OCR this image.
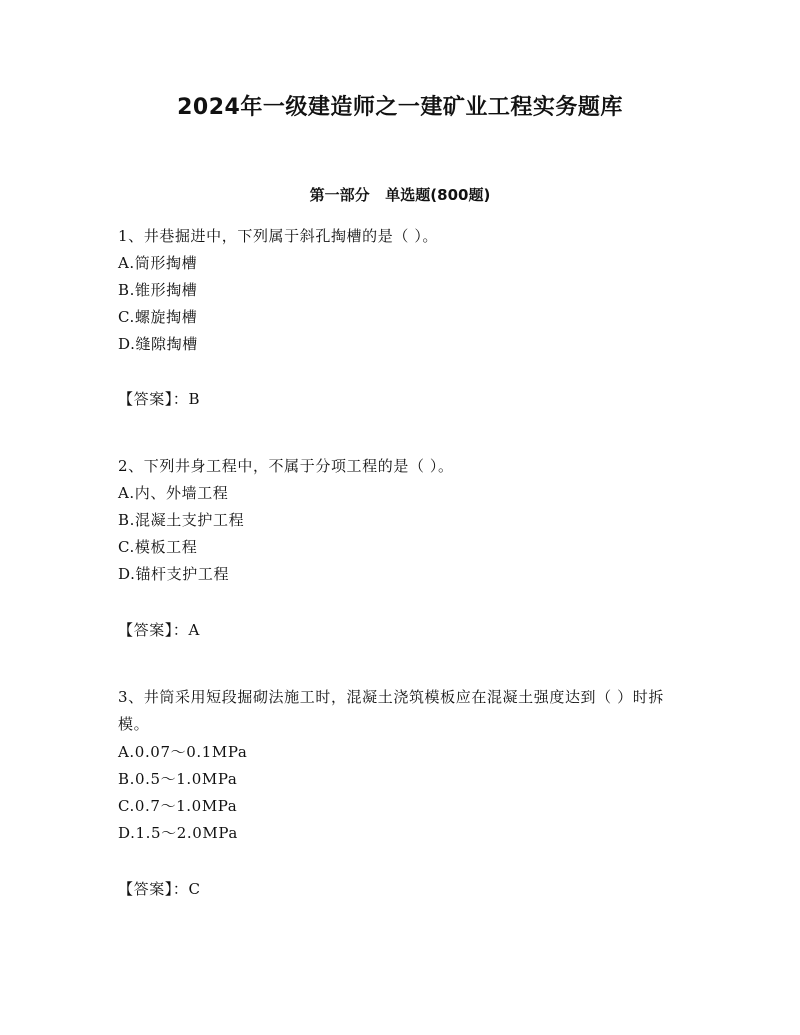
2024年一级建造师之一建矿业工程实务题库
第一部分   单选题(800题)
1、井巷掘进中，下列属于斜孔掏槽的是（ ）。
A.筒形掏槽
B.锥形掏槽
C.螺旋掏槽
D.缝隙掏槽
【答案】：B
2、下列井身工程中，不属于分项工程的是（ ）。
A.内、外墙工程
B.混凝土支护工程
C.模板工程
D.锚杆支护工程
【答案】：A
3、井筒采用短段掘砌法施工时，混凝土浇筑模板应在混凝土强度达到（ ）时拆模。
A.0.07～0.1MPa
B.0.5～1.0MPa
C.0.7～1.0MPa
D.1.5～2.0MPa
【答案】：C
